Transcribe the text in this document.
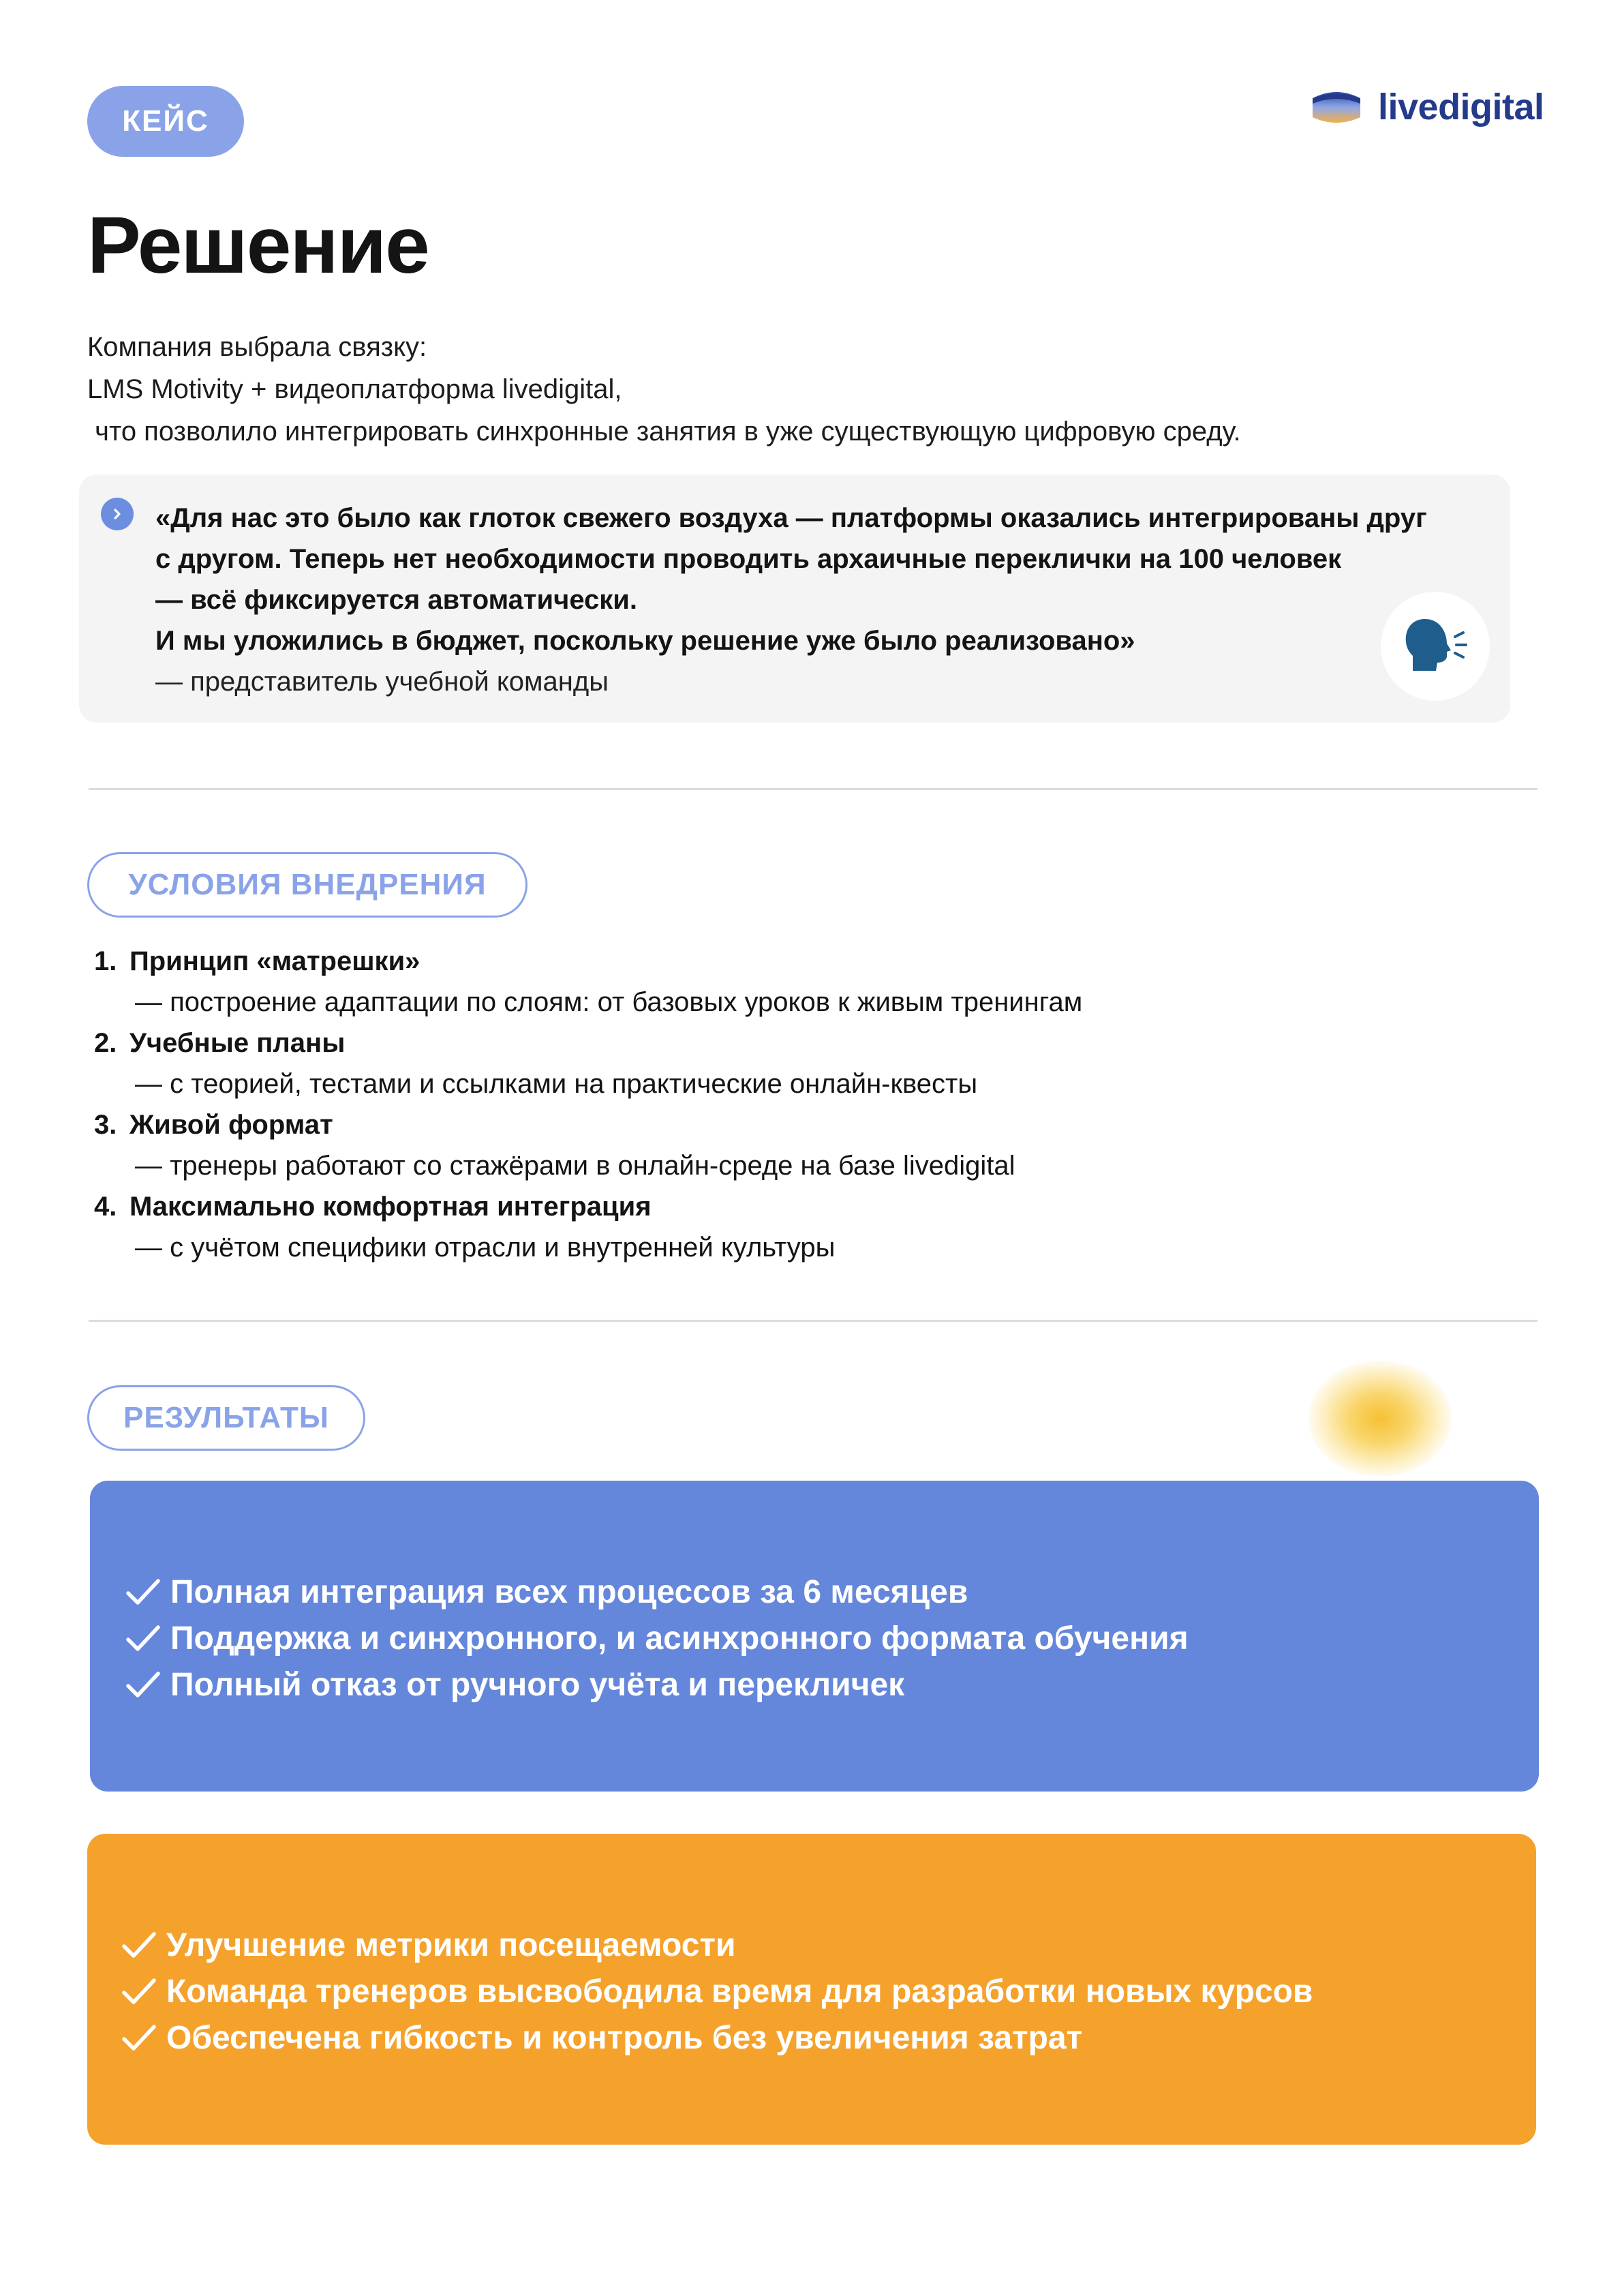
КЕЙС	livedigital
Решение
Компания выбрала связку:
LMS Motivity + видеоплатформа livedigital,
что позволило интегрировать синхронные занятия в уже существующую цифровую среду.
«Для нас это было как глоток свежего воздуха — платформы оказались интегрированы друг
с другом. Теперь нет необходимости проводить архаичные переклички на 100 человек
— всё фиксируется автоматически.
И мы уложились в бюджет, поскольку решение уже было реализовано»
— представитель учебной команды
УСЛОВИЯ ВНЕДРЕНИЯ
1. Принцип «матрешки»
— построение адаптации по слоям: от базовых уроков к живым тренингам
2. Учебные планы
— с теорией, тестами и ссылками на практические онлайн-квесты
3. Живой формат
— тренеры работают со стажёрами в онлайн-среде на базе livedigital
4. Максимально комфортная интеграция
— с учётом специфики отрасли и внутренней культуры
РЕЗУЛЬТАТЫ
Полная интеграция всех процессов за 6 месяцев
Поддержка и синхронного, и асинхронного формата обучения
Полный отказ от ручного учёта и перекличек
Улучшение метрики посещаемости
Команда тренеров высвободила время для разработки новых курсов
Обеспечена гибкость и контроль без увеличения затрат
